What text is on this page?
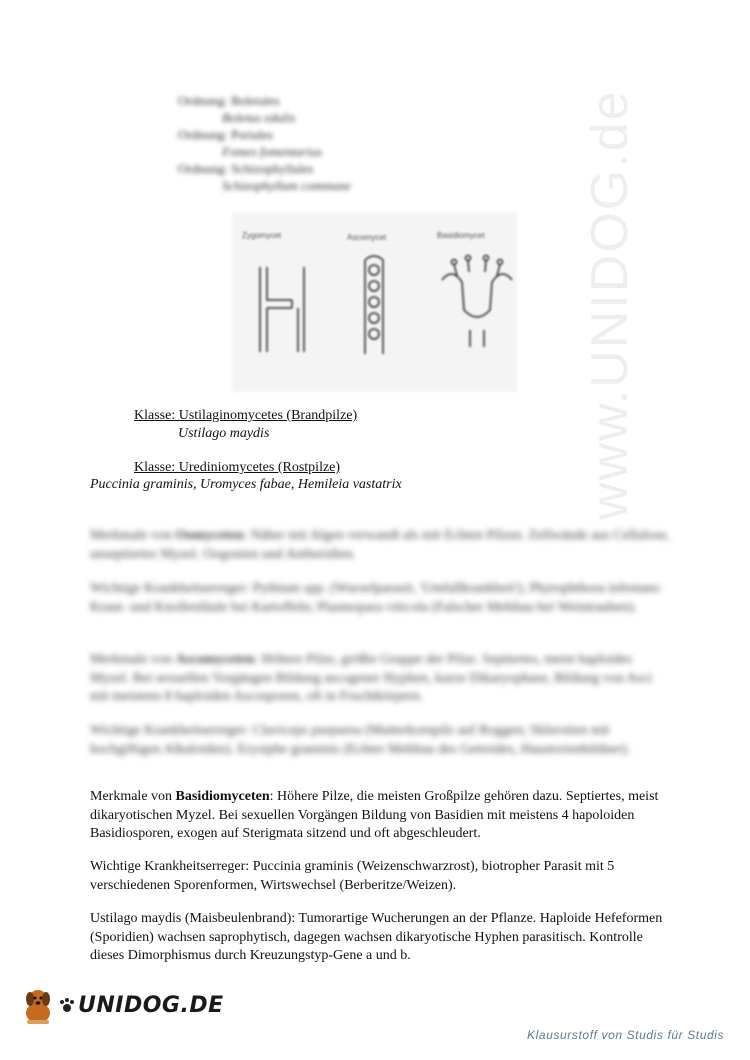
www.UNIDOG.de
Ordnung: Boletales
Boletus edulis
Ordnung: Poriales
Fomes fomentarius
Ordnung: Schizophyllales
Schizophyllum commune
Zygomycet	Ascomycet	Basidiomycet
Klasse: Ustilaginomycetes (Brandpilze)
Ustilago maydis
Klasse: Urediniomycetes (Rostpilze)
Puccinia graminis, Uromyces fabae, Hemileia vastatrix
Merkmale von Oomyceten: Näher mit Algen verwandt als mit Echten Pilzen. Zellwände aus Cellulose, unseptiertes Myzel. Oogonien und Antheridien.
Wichtige Krankheitserreger: Pythium spp. (Wurzelparasit, 'Umfallkrankheit'); Phytophthora infestans: Kraut- und Knollenfäule bei Kartoffeln; Plasmopara viticola (Falscher Mehltau bei Weintrauben).
Merkmale von Ascomyceten: Höhere Pilze, größte Gruppe der Pilze. Septiertes, meist haploides Myzel. Bei sexuellen Vorgängen Bildung ascogener Hyphen, kurze Dikaryophase, Bildung von Asci mit meistens 8 haploiden Ascosporen, oft in Fruchtkörpern.
Wichtige Krankheitserreger: Claviceps purpurea (Mutterkornpilz auf Roggen; Sklerotien mit hochgiftigen Alkaloiden). Erysiphe graminis (Echter Mehltau des Getreides, Haustorienbildner).
Merkmale von Basidiomyceten: Höhere Pilze, die meisten Großpilze gehören dazu. Septiertes, meist dikaryotischen Myzel. Bei sexuellen Vorgängen Bildung von Basidien mit meistens 4 hapoloiden Basidiosporen, exogen auf Sterigmata sitzend und oft abgeschleudert.
Wichtige Krankheitserreger: Puccinia graminis (Weizenschwarzrost), biotropher Parasit mit 5 verschiedenen Sporenformen, Wirtswechsel (Berberitze/Weizen).
Ustilago maydis (Maisbeulenbrand): Tumorartige Wucherungen an der Pflanze. Haploide Hefeformen (Sporidien) wachsen saprophytisch, dagegen wachsen dikaryotische Hyphen parasitisch. Kontrolle dieses Dimorphismus durch Kreuzungstyp-Gene a und b.
UNIDOG.DE
Klausurstoff von Studis für Studis
